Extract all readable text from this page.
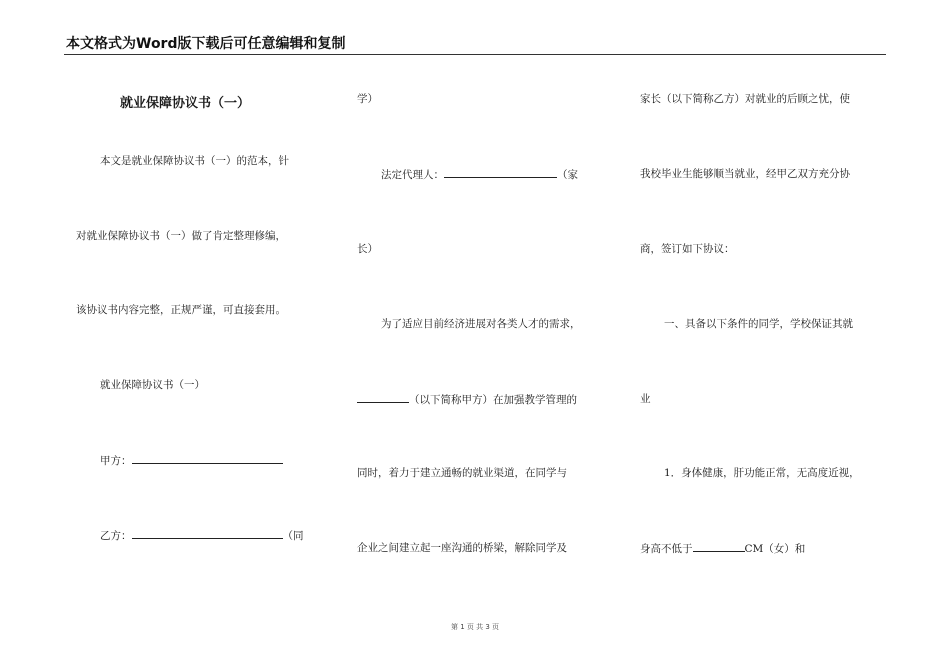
本文格式为Word版下载后可任意编辑和复制
就业保障协议书（一）
本文是就业保障协议书（一）的范本，针
对就业保障协议书（一）做了肯定整理修编，
该协议书内容完整，正规严谨，可直接套用。
就业保障协议书（一）
甲方：
乙方：	（同
学）
法定代理人：	（家
长）
为了适应目前经济进展对各类人才的需求，
（以下简称甲方）在加强教学管理的
同时，着力于建立通畅的就业渠道，在同学与
企业之间建立起一座沟通的桥梁，解除同学及
家长（以下简称乙方）对就业的后顾之忧，使
我校毕业生能够顺当就业，经甲乙双方充分协
商，签订如下协议：
一、具备以下条件的同学，学校保证其就
业
1．身体健康，肝功能正常，无高度近视，
身高不低于	CM（女）和
第 1 页 共 3 页
